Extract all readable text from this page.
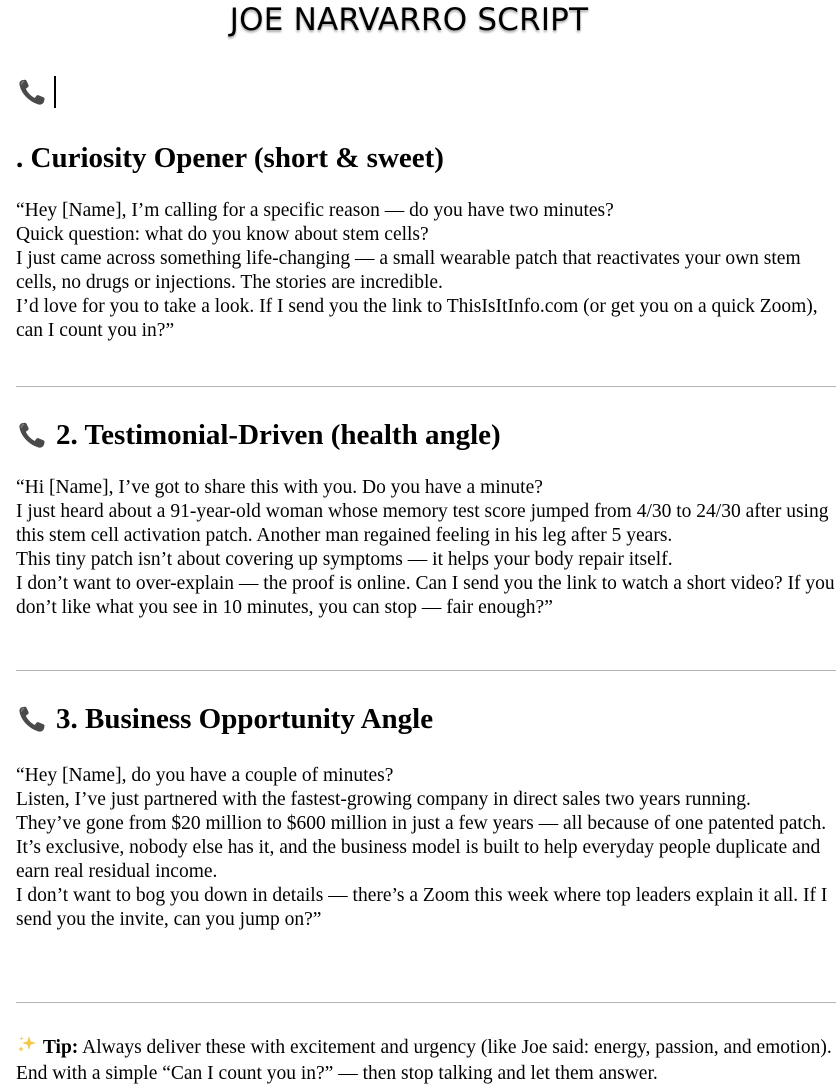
JOE NARVARRO SCRIPT
. Curiosity Opener (short & sweet)

“Hey [Name], I’m calling for a specific reason — do you have two minutes?

Quick question: what do you know about stem cells?

I just came across something life-changing — a small wearable patch that reactivates your own stem cells, no drugs or injections. The stories are incredible.

I’d love for you to take a look. If I send you the link to ThisIsItInfo.com (or get you on a quick Zoom), can I count you in?”

2. Testimonial-Driven (health angle)

“Hi [Name], I’ve got to share this with you. Do you have a minute?

I just heard about a 91-year-old woman whose memory test score jumped from 4/30 to 24/30 after using this stem cell activation patch. Another man regained feeling in his leg after 5 years.

This tiny patch isn’t about covering up symptoms — it helps your body repair itself.

I don’t want to over-explain — the proof is online. Can I send you the link to watch a short video? If you don’t like what you see in 10 minutes, you can stop — fair enough?”

3. Business Opportunity Angle

“Hey [Name], do you have a couple of minutes?

Listen, I’ve just partnered with the fastest-growing company in direct sales two years running.

They’ve gone from $20 million to $600 million in just a few years — all because of one patented patch.

It’s exclusive, nobody else has it, and the business model is built to help everyday people duplicate and earn real residual income.

I don’t want to bog you down in details — there’s a Zoom this week where top leaders explain it all. If I send you the invite, can you jump on?”

Tip: Always deliver these with excitement and urgency (like Joe said: energy, passion, and emotion). End with a simple “Can I count you in?” — then stop talking and let them answer.
